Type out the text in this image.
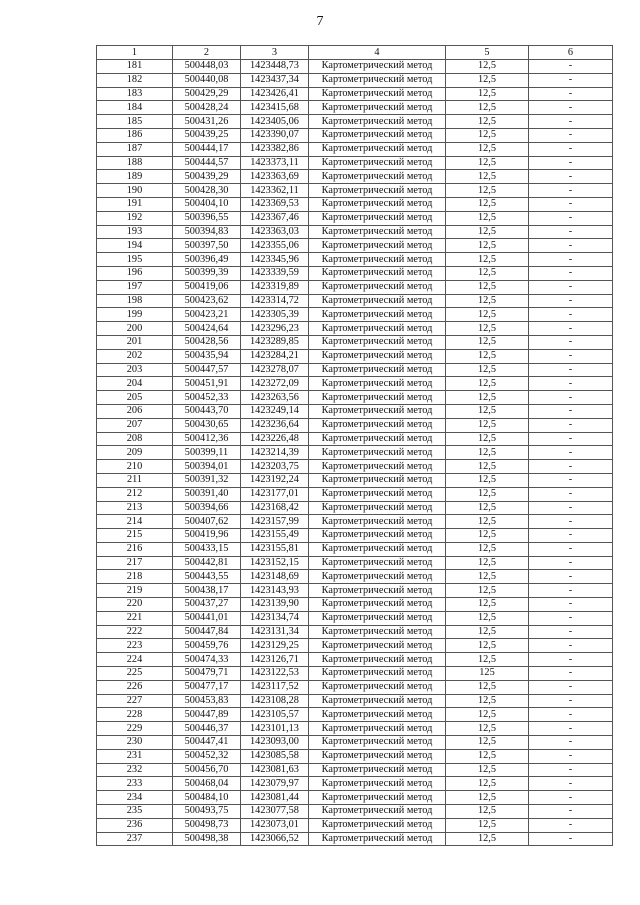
7
1	2	3	4	5	6
181	500448,03	1423448,73	Картометрический метод	12,5	-
182	500440,08	1423437,34	Картометрический метод	12,5	-
183	500429,29	1423426,41	Картометрический метод	12,5	-
184	500428,24	1423415,68	Картометрический метод	12,5	-
185	500431,26	1423405,06	Картометрический метод	12,5	-
186	500439,25	1423390,07	Картометрический метод	12,5	-
187	500444,17	1423382,86	Картометрический метод	12,5	-
188	500444,57	1423373,11	Картометрический метод	12,5	-
189	500439,29	1423363,69	Картометрический метод	12,5	-
190	500428,30	1423362,11	Картометрический метод	12,5	-
191	500404,10	1423369,53	Картометрический метод	12,5	-
192	500396,55	1423367,46	Картометрический метод	12,5	-
193	500394,83	1423363,03	Картометрический метод	12,5	-
194	500397,50	1423355,06	Картометрический метод	12,5	-
195	500396,49	1423345,96	Картометрический метод	12,5	-
196	500399,39	1423339,59	Картометрический метод	12,5	-
197	500419,06	1423319,89	Картометрический метод	12,5	-
198	500423,62	1423314,72	Картометрический метод	12,5	-
199	500423,21	1423305,39	Картометрический метод	12,5	-
200	500424,64	1423296,23	Картометрический метод	12,5	-
201	500428,56	1423289,85	Картометрический метод	12,5	-
202	500435,94	1423284,21	Картометрический метод	12,5	-
203	500447,57	1423278,07	Картометрический метод	12,5	-
204	500451,91	1423272,09	Картометрический метод	12,5	-
205	500452,33	1423263,56	Картометрический метод	12,5	-
206	500443,70	1423249,14	Картометрический метод	12,5	-
207	500430,65	1423236,64	Картометрический метод	12,5	-
208	500412,36	1423226,48	Картометрический метод	12,5	-
209	500399,11	1423214,39	Картометрический метод	12,5	-
210	500394,01	1423203,75	Картометрический метод	12,5	-
211	500391,32	1423192,24	Картометрический метод	12,5	-
212	500391,40	1423177,01	Картометрический метод	12,5	-
213	500394,66	1423168,42	Картометрический метод	12,5	-
214	500407,62	1423157,99	Картометрический метод	12,5	-
215	500419,96	1423155,49	Картометрический метод	12,5	-
216	500433,15	1423155,81	Картометрический метод	12,5	-
217	500442,81	1423152,15	Картометрический метод	12,5	-
218	500443,55	1423148,69	Картометрический метод	12,5	-
219	500438,17	1423143,93	Картометрический метод	12,5	-
220	500437,27	1423139,90	Картометрический метод	12,5	-
221	500441,01	1423134,74	Картометрический метод	12,5	-
222	500447,84	1423131,34	Картометрический метод	12,5	-
223	500459,76	1423129,25	Картометрический метод	12,5	-
224	500474,33	1423126,71	Картометрический метод	12,5	-
225	500479,71	1423122,53	Картометрический метод	125	-
226	500477,17	1423117,52	Картометрический метод	12,5	-
227	500453,83	1423108,28	Картометрический метод	12,5	-
228	500447,89	1423105,57	Картометрический метод	12,5	-
229	500446,37	1423101,13	Картометрический метод	12,5	-
230	500447,41	1423093,00	Картометрический метод	12,5	-
231	500452,32	1423085,58	Картометрический метод	12,5	-
232	500456,70	1423081,63	Картометрический метод	12,5	-
233	500468,04	1423079,97	Картометрический метод	12,5	-
234	500484,10	1423081,44	Картометрический метод	12,5	-
235	500493,75	1423077,58	Картометрический метод	12,5	-
236	500498,73	1423073,01	Картометрический метод	12,5	-
237	500498,38	1423066,52	Картометрический метод	12,5	-
